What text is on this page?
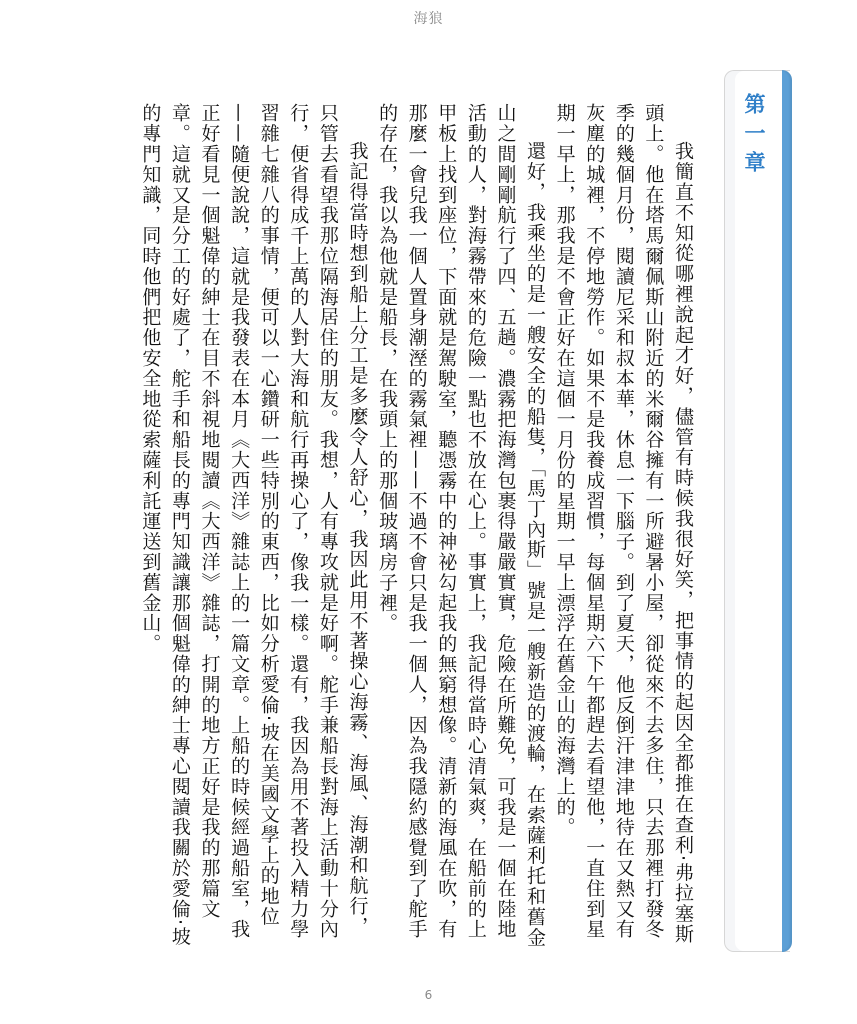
海狼
第一章

我簡直不知從哪裡說起才好，儘管有時候我很好笑，把事情的起因全都推在查利·弗拉塞斯頭上。他在塔馬爾佩斯山附近的米爾谷擁有一所避暑小屋，卻從來不去多住，只去那裡打發冬季的幾個月份，閱讀尼采和叔本華，休息一下腦子。到了夏天，他反倒汗津津地待在又熱又有灰塵的城裡，不停地勞作。如果不是我養成習慣，每個星期六下午都趕去看望他，一直住到星期一早上，那我是不會正好在這個一月份的星期一早上漂浮在舊金山的海灣上的。

還好，我乘坐的是一艘安全的船隻，「馬丁內斯」號是一艘新造的渡輪，在索薩利托和舊金山之間剛剛航行了四、五趟。濃霧把海灣包裹得嚴嚴實實，危險在所難免，可我是一個在陸地活動的人，對海霧帶來的危險一點也不放在心上。事實上，我記得當時心清氣爽，在船前的上甲板上找到座位，下面就是駕駛室，聽憑霧中的神祕勾起我的無窮想像。清新的海風在吹，有那麼一會兒我一個人置身潮溼的霧氣裡——不過不會只是我一個人，因為我隱約感覺到了舵手的存在，我以為他就是船長，在我頭上的那個玻璃房子裡。

我記得當時想到船上分工是多麼令人舒心，我因此用不著操心海霧、海風、海潮和航行，只管去看望我那位隔海居住的朋友。我想，人有專攻就是好啊。舵手兼船長對海上活動十分內行，便省得成千上萬的人對大海和航行再操心了，像我一樣。還有，我因為用不著投入精力學習雜七雜八的事情，便可以一心鑽研一些特別的東西，比如分析愛倫·坡在美國文學上的地位——隨便說說，這就是我發表在本月《大西洋》雜誌上的一篇文章。上船的時候經過船室，我正好看見一個魁偉的紳士在目不斜視地閱讀《大西洋》雜誌，打開的地方正好是我的那篇文章。這就又是分工的好處了，舵手和船長的專門知識讓那個魁偉的紳士專心閱讀我關於愛倫·坡的專門知識，同時他們把他安全地從索薩利託運送到舊金山。

6
